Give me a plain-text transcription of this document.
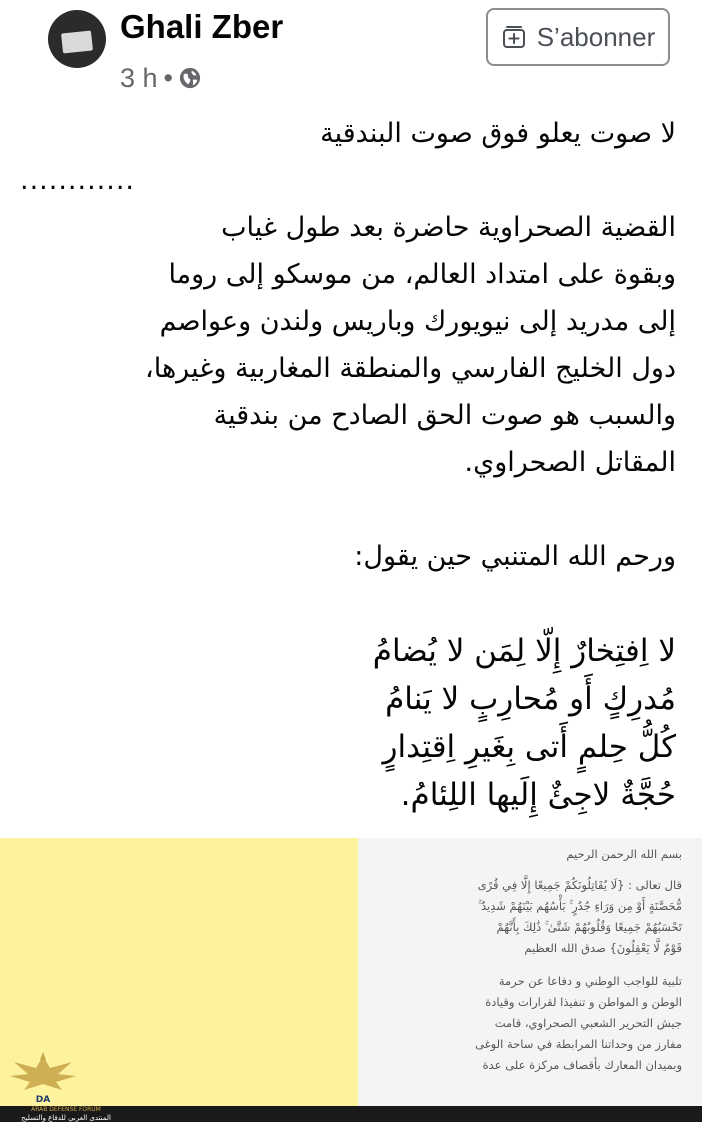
Ghali Zber
3 h •
S’abonner

لا صوت يعلو فوق صوت البندقية

............

القضية الصحراوية حاضرة بعد طول غياب

وبقوة على امتداد العالم، من موسكو إلى روما

إلى مدريد إلى نيويورك وباريس ولندن وعواصم

دول الخليج الفارسي والمنطقة المغاربية وغيرها،

والسبب هو صوت الحق الصادح من بندقية

المقاتل الصحراوي.

ورحم الله المتنبي حين يقول:

لا اِفتِخارٌ إِلّا لِمَن لا يُضامُ

مُدرِكٍ أَو مُحارِبٍ لا يَنامُ

كُلُّ حِلمٍ أَتى بِغَيرِ اِقتِدارٍ

حُجَّةٌ لاجِئٌ إِلَيها اللِئامُ.

بسم الله الرحمن الرحيم

قال تعالى : {لَا يُقَاتِلُونَكُمْ جَمِيعًا إِلَّا فِي قُرًى

مُّحَصَّنَةٍ أَوْ مِن وَرَاءِ جُدُرٍ ۚ بَأْسُهُم بَيْنَهُمْ شَدِيدٌ ۚ

تَحْسَبُهُمْ جَمِيعًا وَقُلُوبُهُمْ شَتَّىٰ ۚ ذَٰلِكَ بِأَنَّهُمْ

قَوْمٌ لَّا يَعْقِلُونَ} صدق الله العظيم

تلبية للواجب الوطني و دفاعا عن حرمة

الوطن و المواطن و تنفيذا لقرارات وقيادة

جيش التحرير الشعبي الصحراوي، قامت

مفارز من وحداتنا المرابطة في ساحة الوغى

وبميدان المعارك بأقصاف مركزة على عدة

DA
ARAB DEFENSE FORUM
المنتدى العربي للدفاع والتسليح
